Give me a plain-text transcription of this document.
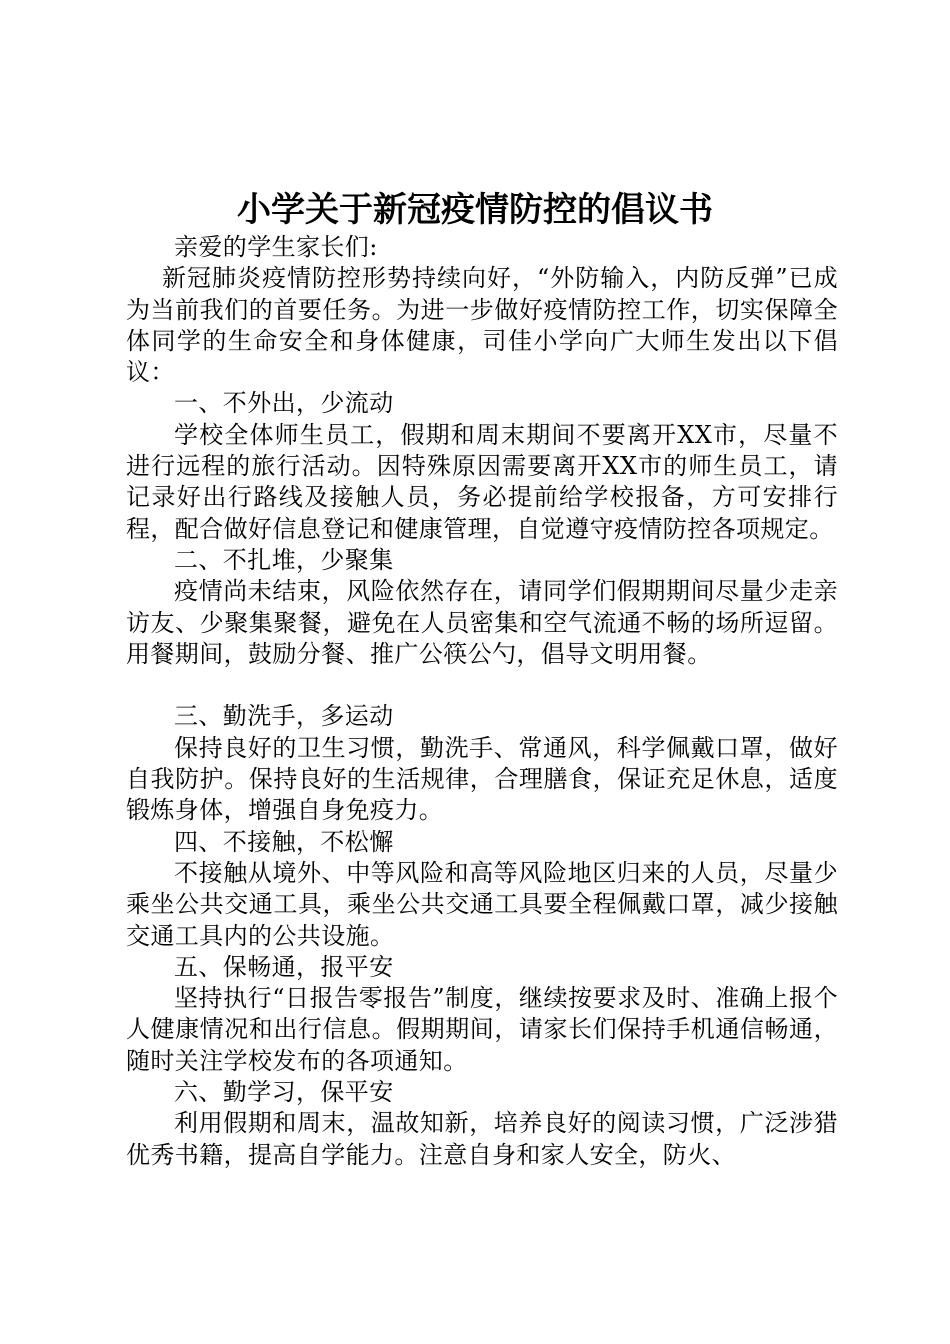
小学关于新冠疫情防控的倡议书

亲爱的学生家长们:

新冠肺炎疫情防控形势持续向好，“外防输入，内防反弹”已成为当前我们的首要任务。为进一步做好疫情防控工作，切实保障全体同学的生命安全和身体健康，司佳小学向广大师生发出以下倡议：

一、不外出，少流动

学校全体师生员工，假期和周末期间不要离开XX市，尽量不进行远程的旅行活动。因特殊原因需要离开XX市的师生员工，请记录好出行路线及接触人员，务必提前给学校报备，方可安排行程，配合做好信息登记和健康管理，自觉遵守疫情防控各项规定。

二、不扎堆，少聚集

疫情尚未结束，风险依然存在，请同学们假期期间尽量少走亲访友、少聚集聚餐，避免在人员密集和空气流通不畅的场所逗留。用餐期间，鼓励分餐、推广公筷公勺，倡导文明用餐。

三、勤洗手，多运动

保持良好的卫生习惯，勤洗手、常通风，科学佩戴口罩，做好自我防护。保持良好的生活规律，合理膳食，保证充足休息，适度锻炼身体，增强自身免疫力。

四、不接触，不松懈

不接触从境外、中等风险和高等风险地区归来的人员，尽量少乘坐公共交通工具，乘坐公共交通工具要全程佩戴口罩，减少接触交通工具内的公共设施。

五、保畅通，报平安

坚持执行“日报告零报告”制度，继续按要求及时、准确上报个人健康情况和出行信息。假期期间，请家长们保持手机通信畅通，随时关注学校发布的各项通知。

六、勤学习，保平安

利用假期和周末，温故知新，培养良好的阅读习惯，广泛涉猎优秀书籍，提高自学能力。注意自身和家人安全，防火、
